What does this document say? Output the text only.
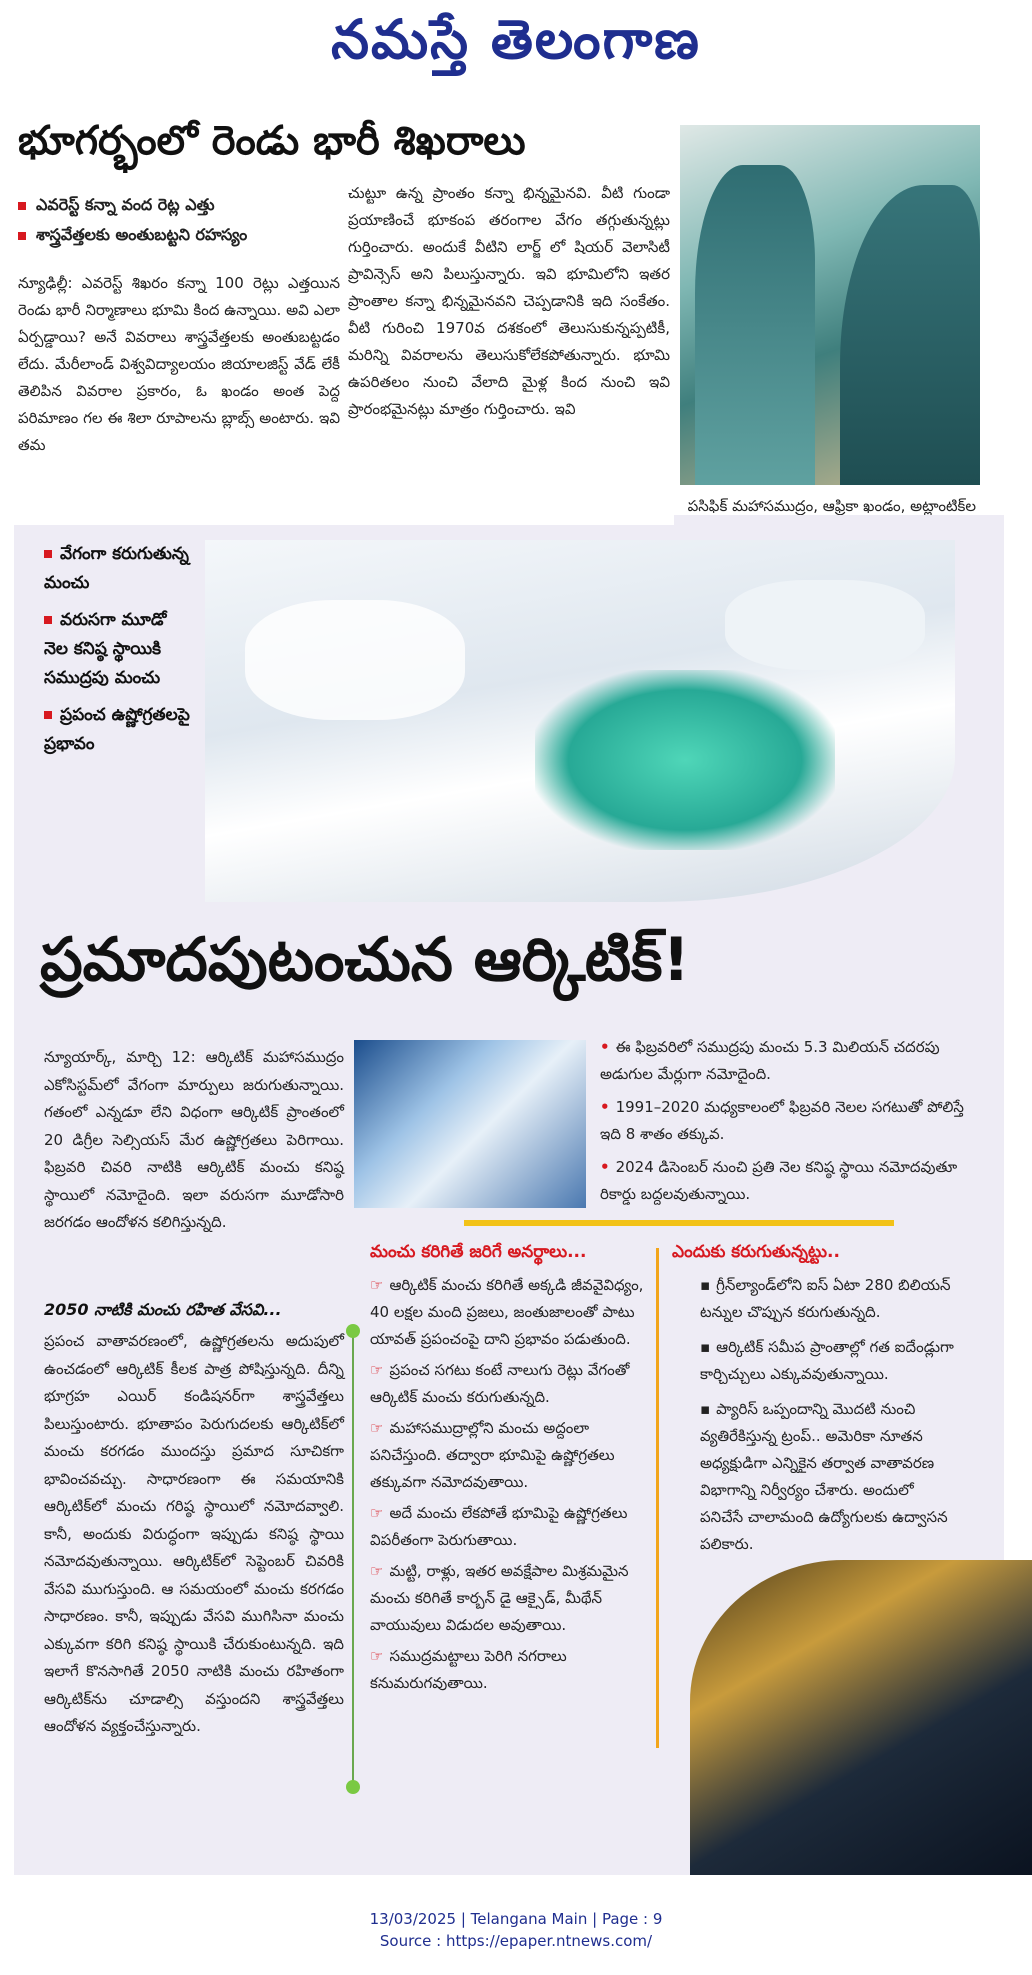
నమస్తే తెలంగాణ
భూగర్భంలో రెండు భారీ శిఖరాలు
ఎవరెస్ట్ కన్నా వంద రెట్ల ఎత్తు
శాస్త్రవేత్తలకు అంతుబట్టని రహస్యం
న్యూఢిల్లీ: ఎవరెస్ట్ శిఖరం కన్నా 100 రెట్లు ఎత్తయిన రెండు భారీ నిర్మాణాలు భూమి కింద ఉన్నాయి. అవి ఎలా ఏర్పడ్డాయి? అనే వివరాలు శాస్త్రవేత్తలకు అంతుబట్టడం లేదు. మేరీలాండ్ విశ్వవిద్యాలయం జియాలజిస్ట్ వేడ్ లేకీ తెలిపిన వివరాల ప్రకారం, ఓ ఖండం అంత పెద్ద పరిమాణం గల ఈ శిలా రూపాలను బ్లాబ్స్ అంటారు. ఇవి తమ
చుట్టూ ఉన్న ప్రాంతం కన్నా భిన్నమైనవి. వీటి గుండా ప్రయాణించే భూకంప తరంగాల వేగం తగ్గుతున్నట్లు గుర్తించారు. అందుకే వీటిని లార్జ్ లో షియర్ వెలాసిటీ ప్రావిన్సెస్ అని పిలుస్తున్నారు. ఇవి భూమిలోని ఇతర ప్రాంతాల కన్నా భిన్నమైనవని చెప్పడానికి ఇది సంకేతం. వీటి గురించి 1970వ దశకంలో తెలుసుకున్నప్పటికీ, మరిన్ని వివరాలను తెలుసుకోలేకపోతున్నారు. భూమి ఉపరితలం నుంచి వేలాది మైళ్ల కింద నుంచి ఇవి ప్రారంభమైనట్లు మాత్రం గుర్తించారు. ఇవి
పసిఫిక్ మహాసముద్రం, ఆఫ్రికా ఖండం, అట్లాంటిక్‌ల
వేగంగా కరుగుతున్న మంచు
వరుసగా మూడో నెల కనిష్ఠ స్థాయికి సముద్రపు మంచు
ప్రపంచ ఉష్ణోగ్రతలపై ప్రభావం
ప్రమాదపుటంచున ఆర్కిటిక్!
• ఈ ఫిబ్రవరిలో సముద్రపు మంచు 5.3 మిలియన్ చదరపు అడుగుల మేర్లుగా నమోదైంది.
• 1991–2020 మధ్యకాలంలో ఫిబ్రవరి నెలల సగటుతో పోలిస్తే ఇది 8 శాతం తక్కువ.
• 2024 డిసెంబర్ నుంచి ప్రతి నెల కనిష్ఠ స్థాయి నమోదవుతూ రికార్డు బద్దలవుతున్నాయి.
న్యూయార్క్, మార్చి 12: ఆర్కిటిక్ మహాసముద్రం ఎకోసిస్టమ్‌లో వేగంగా మార్పులు జరుగుతున్నాయి. గతంలో ఎన్నడూ లేని విధంగా ఆర్కిటిక్ ప్రాంతంలో 20 డిగ్రీల సెల్సియస్ మేర ఉష్ణోగ్రతలు పెరిగాయి. ఫిబ్రవరి చివరి నాటికి ఆర్కిటిక్ మంచు కనిష్ఠ స్థాయిలో నమోదైంది. ఇలా వరుసగా మూడోసారి జరగడం ఆందోళన కలిగిస్తున్నది.
2050 నాటికి మంచు రహిత వేసవి...
ప్రపంచ వాతావరణంలో, ఉష్ణోగ్రతలను అదుపులో ఉంచడంలో ఆర్కిటిక్ కీలక పాత్ర పోషిస్తున్నది. దీన్ని భూగ్రహ ఎయిర్ కండిషనర్‌గా శాస్త్రవేత్తలు పిలుస్తుంటారు. భూతాపం పెరుగుదలకు ఆర్కిటిక్‌లో మంచు కరగడం ముందస్తు ప్రమాద సూచికగా భావించవచ్చు. సాధారణంగా ఈ సమయానికి ఆర్కిటిక్‌లో మంచు గరిష్ఠ స్థాయిలో నమోదవ్వాలి. కానీ, అందుకు విరుద్ధంగా ఇప్పుడు కనిష్ఠ స్థాయి నమోదవుతున్నాయి. ఆర్కిటిక్‌లో సెప్టెంబర్ చివరికి వేసవి ముగుస్తుంది. ఆ సమయంలో మంచు కరగడం సాధారణం. కానీ, ఇప్పుడు వేసవి ముగిసినా మంచు ఎక్కువగా కరిగి కనిష్ఠ స్థాయికి చేరుకుంటున్నది. ఇది ఇలాగే కొనసాగితే 2050 నాటికి మంచు రహితంగా ఆర్కిటిక్‌ను చూడాల్సి వస్తుందని శాస్త్రవేత్తలు ఆందోళన వ్యక్తంచేస్తున్నారు.
మంచు కరిగితే జరిగే అనర్థాలు...
☞ ఆర్కిటిక్ మంచు కరిగితే అక్కడి జీవవైవిధ్యం, 40 లక్షల మంది ప్రజలు, జంతుజాలంతో పాటు యావత్ ప్రపంచంపై దాని ప్రభావం పడుతుంది.
☞ ప్రపంచ సగటు కంటే నాలుగు రెట్లు వేగంతో ఆర్కిటిక్ మంచు కరుగుతున్నది.
☞ మహాసముద్రాల్లోని మంచు అద్దంలా పనిచేస్తుంది. తద్వారా భూమిపై ఉష్ణోగ్రతలు తక్కువగా నమోదవుతాయి.
☞ అదే మంచు లేకపోతే భూమిపై ఉష్ణోగ్రతలు విపరీతంగా పెరుగుతాయి.
☞ మట్టి, రాళ్లు, ఇతర అవక్షేపాల మిశ్రమమైన మంచు కరిగితే కార్బన్ డై ఆక్సైడ్, మీథేన్ వాయువులు విడుదల అవుతాయి.
☞ సముద్రమట్టాలు పెరిగి నగరాలు కనుమరుగవుతాయి.
ఎందుకు కరుగుతున్నట్టు..
▪ గ్రీన్‌ల్యాండ్‌లోని ఐస్ ఏటా 280 బిలియన్ టన్నుల చొప్పున కరుగుతున్నది.
▪ ఆర్కిటిక్ సమీప ప్రాంతాల్లో గత ఐదేండ్లుగా కార్చిచ్చులు ఎక్కువవుతున్నాయి.
▪ ప్యారిస్ ఒప్పందాన్ని మొదటి నుంచి వ్యతిరేకిస్తున్న ట్రంప్.. అమెరికా నూతన అధ్యక్షుడిగా ఎన్నికైన తర్వాత వాతావరణ విభాగాన్ని నిర్వీర్యం చేశారు. అందులో పనిచేసే చాలామంది ఉద్యోగులకు ఉద్వాసన పలికారు.
13/03/2025 | Telangana Main | Page : 9
Source : https://epaper.ntnews.com/
